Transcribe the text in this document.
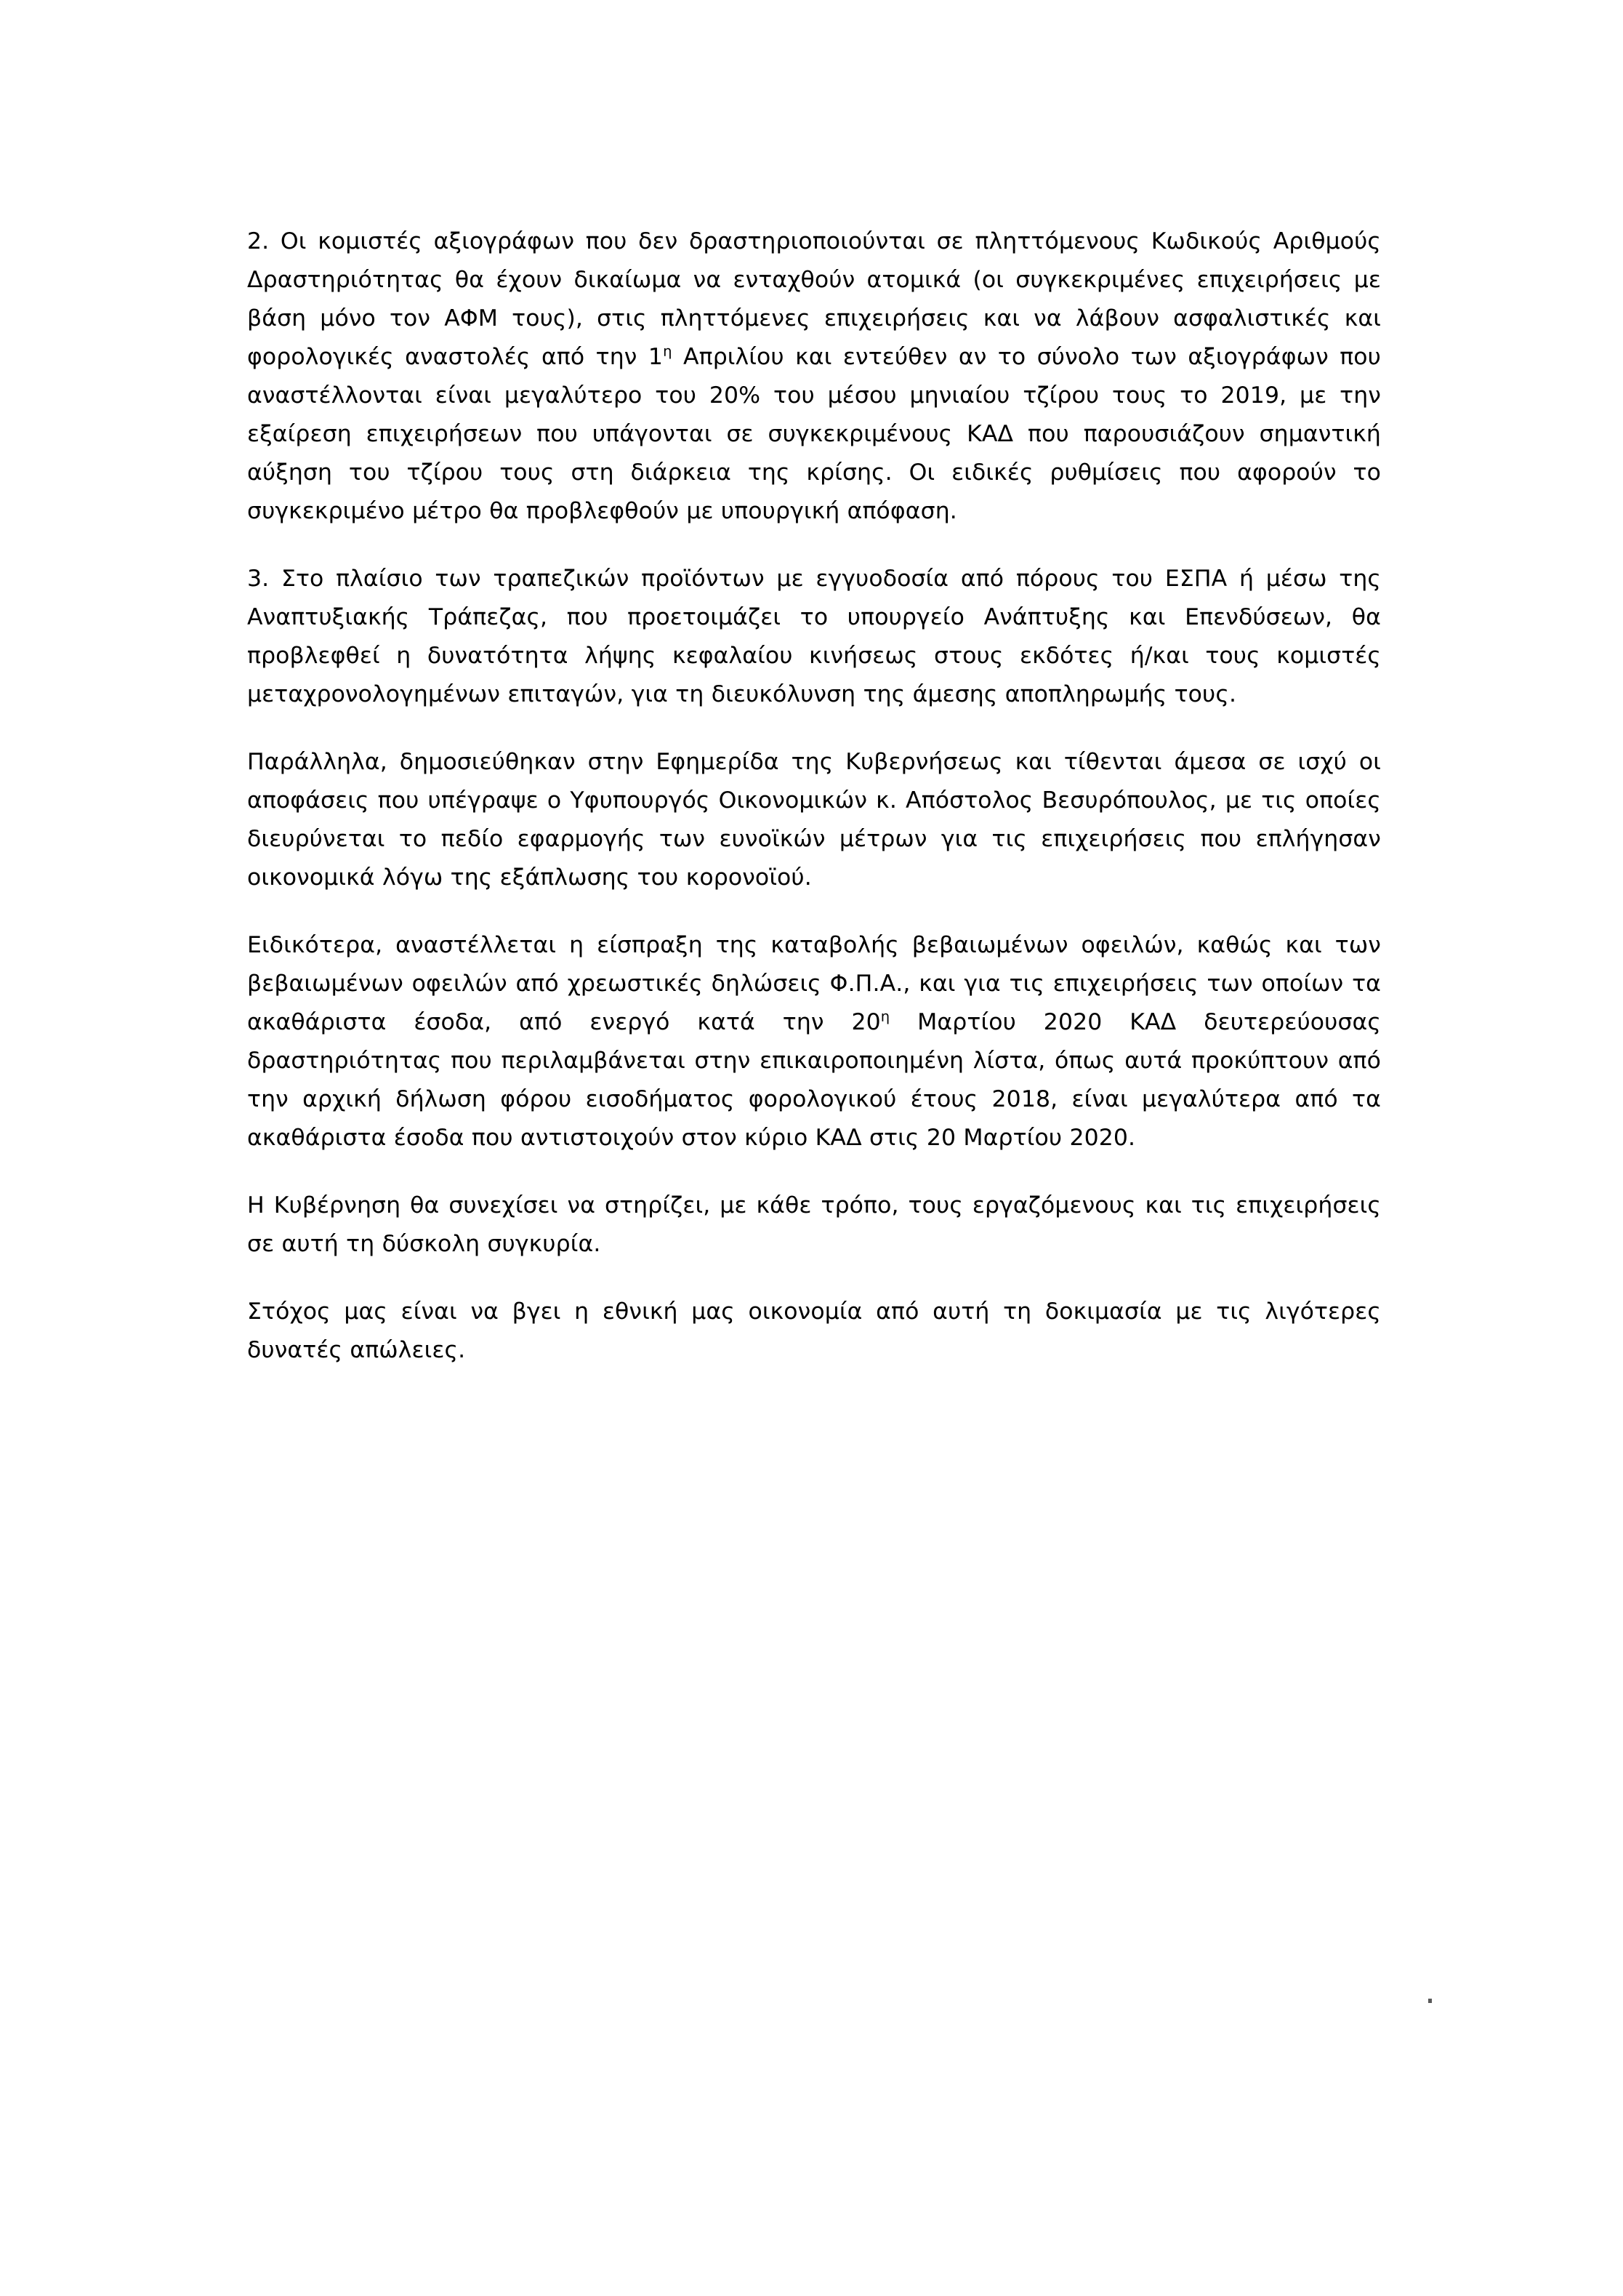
2. Οι κομιστές αξιογράφων που δεν δραστηριοποιούνται σε πληττόμενους Κωδικούς Αριθμούς Δραστηριότητας θα έχουν δικαίωμα να ενταχθούν ατομικά (οι συγκεκριμένες επιχειρήσεις με βάση μόνο τον ΑΦΜ τους), στις πληττόμενες επιχειρήσεις και να λάβουν ασφαλιστικές και φορολογικές αναστολές από την $1^\eta$ Απριλίου και εντεύθεν αν το σύνολο των αξιογράφων που αναστέλλονται είναι μεγαλύτερο του 20% του μέσου μηνιαίου τζίρου τους το 2019, με την εξαίρεση επιχειρήσεων που υπάγονται σε συγκεκριμένους ΚΑΔ που παρουσιάζουν σημαντική αύξηση του τζίρου τους στη διάρκεια της κρίσης. Οι ειδικές ρυθμίσεις που αφορούν το συγκεκριμένο μέτρο θα προβλεφθούν με υπουργική απόφαση.

3. Στο πλαίσιο των τραπεζικών προϊόντων με εγγυοδοσία από πόρους του ΕΣΠΑ ή μέσω της Αναπτυξιακής Τράπεζας, που προετοιμάζει το υπουργείο Ανάπτυξης και Επενδύσεων, θα προβλεφθεί η δυνατότητα λήψης κεφαλαίου κινήσεως στους εκδότες ή/και τους κομιστές μεταχρονολογημένων επιταγών, για τη διευκόλυνση της άμεσης αποπληρωμής τους.

Παράλληλα, δημοσιεύθηκαν στην Εφημερίδα της Κυβερνήσεως και τίθενται άμεσα σε ισχύ οι αποφάσεις που υπέγραψε ο Υφυπουργός Οικονομικών κ. Απόστολος Βεσυρόπουλος, με τις οποίες διευρύνεται το πεδίο εφαρμογής των ευνοϊκών μέτρων για τις επιχειρήσεις που επλήγησαν οικονομικά λόγω της εξάπλωσης του κορονοϊού.

Ειδικότερα, αναστέλλεται η είσπραξη της καταβολής βεβαιωμένων οφειλών, καθώς και των βεβαιωμένων οφειλών από χρεωστικές δηλώσεις Φ.Π.Α., και για τις επιχειρήσεις των οποίων τα ακαθάριστα έσοδα, από ενεργό κατά την $20^\eta$ Μαρτίου 2020 ΚΑΔ δευτερεύουσας δραστηριότητας που περιλαμβάνεται στην επικαιροποιημένη λίστα, όπως αυτά προκύπτουν από την αρχική δήλωση φόρου εισοδήματος φορολογικού έτους 2018, είναι μεγαλύτερα από τα ακαθάριστα έσοδα που αντιστοιχούν στον κύριο ΚΑΔ στις 20 Μαρτίου 2020.

Η Κυβέρνηση θα συνεχίσει να στηρίζει, με κάθε τρόπο, τους εργαζόμενους και τις επιχειρήσεις σε αυτή τη δύσκολη συγκυρία.

Στόχος μας είναι να βγει η εθνική μας οικονομία από αυτή τη δοκιμασία με τις λιγότερες δυνατές απώλειες.
